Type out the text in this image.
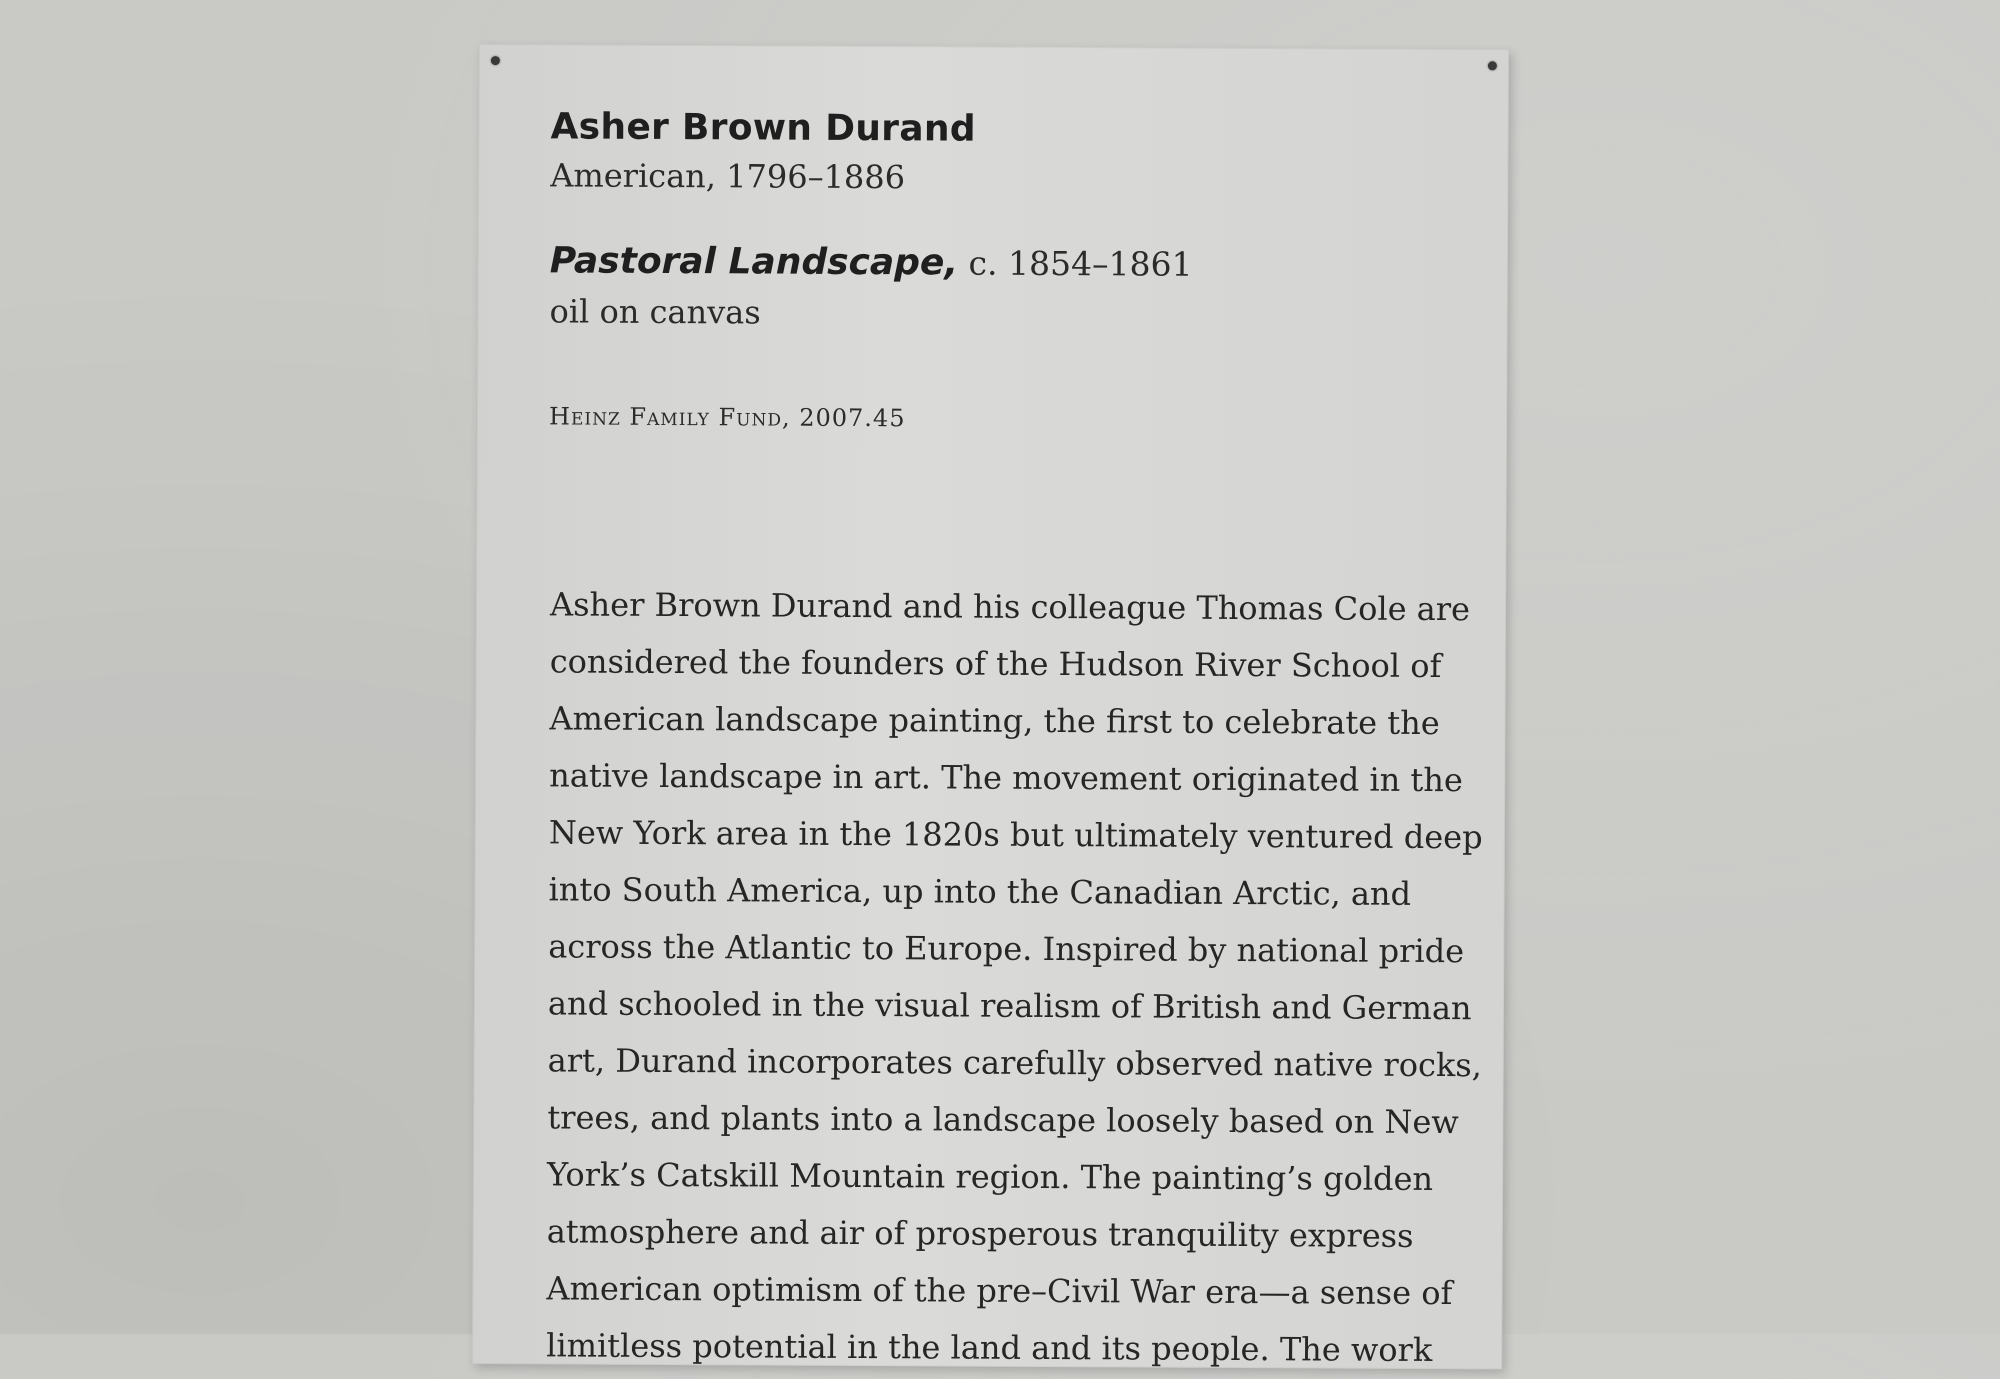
Asher Brown Durand
American, 1796–1886
Pastoral Landscape, c. 1854–1861
oil on canvas
Heinz Family Fund, 2007.45
Asher Brown Durand and his colleague Thomas Cole are
considered the founders of the Hudson River School of
American landscape painting, the first to celebrate the
native landscape in art. The movement originated in the
New York area in the 1820s but ultimately ventured deep
into South America, up into the Canadian Arctic, and
across the Atlantic to Europe. Inspired by national pride
and schooled in the visual realism of British and German
art, Durand incorporates carefully observed native rocks,
trees, and plants into a landscape loosely based on New
York’s Catskill Mountain region. The painting’s golden
atmosphere and air of prosperous tranquility express
American optimism of the pre–Civil War era—a sense of
limitless potential in the land and its people. The work
